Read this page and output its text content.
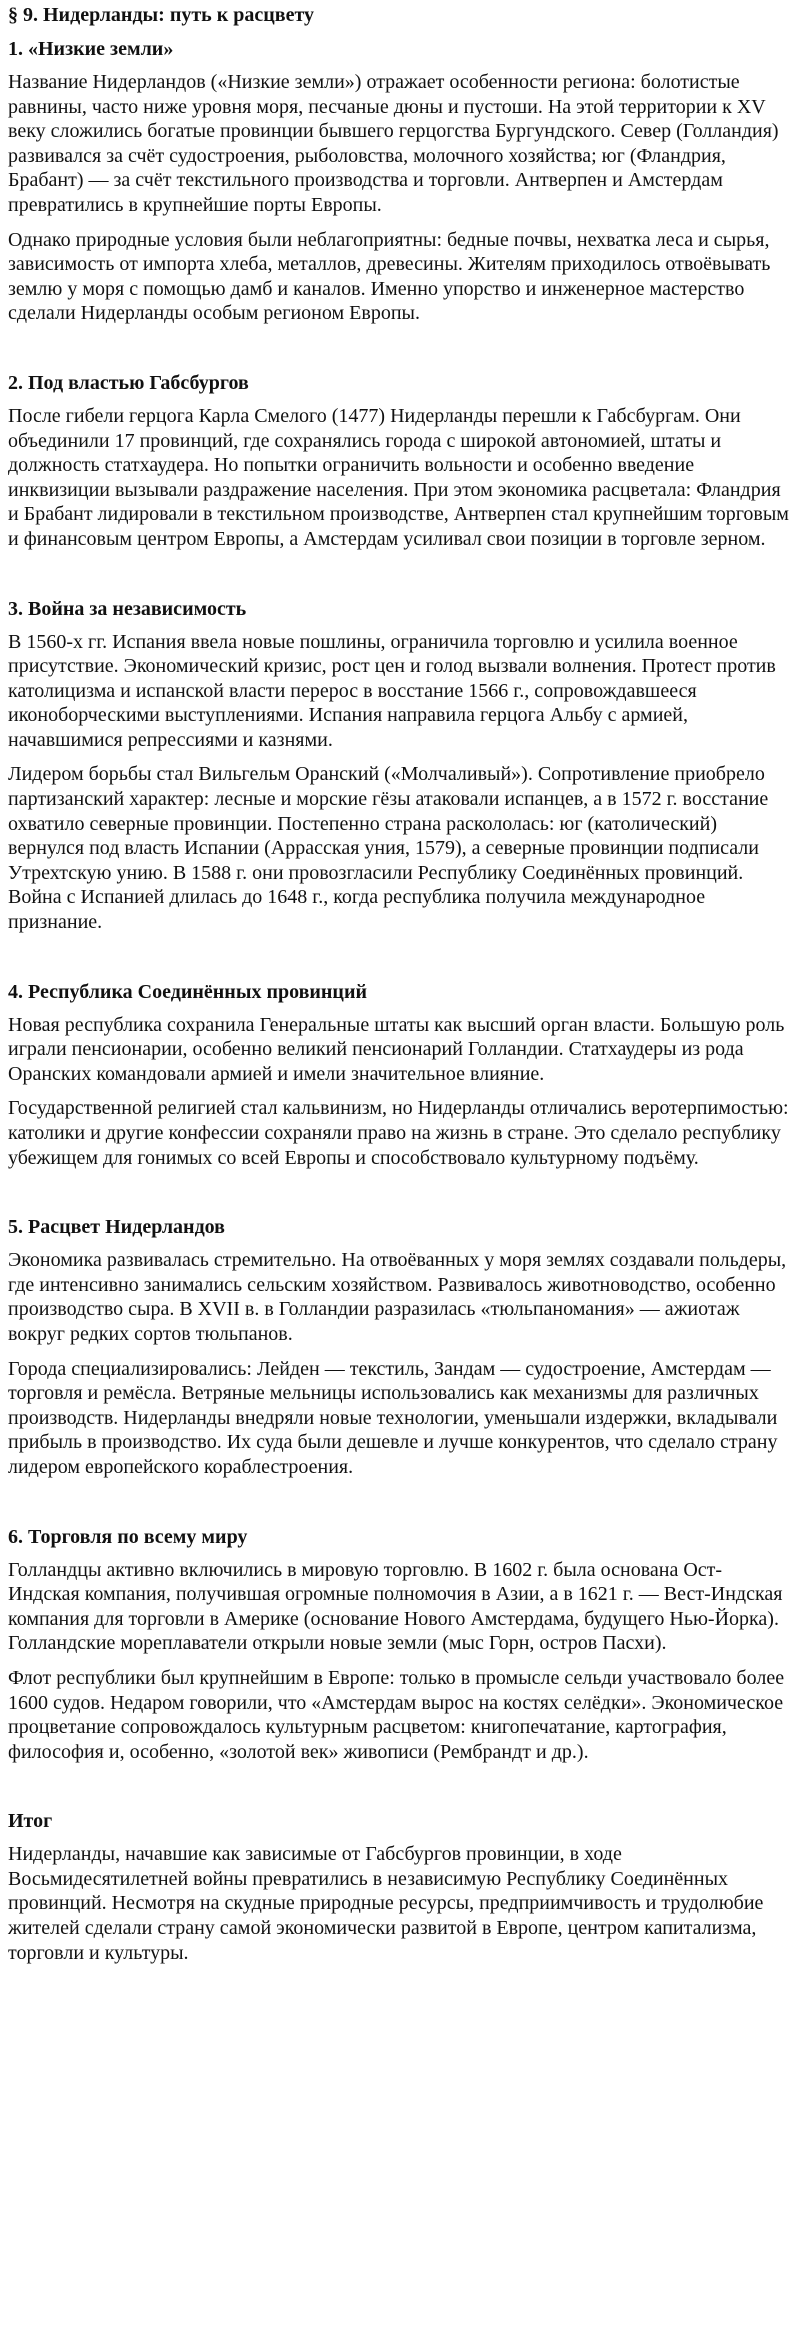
§ 9. Нидерланды: путь к расцвету
1. «Низкие земли»

Название Нидерландов («Низкие земли») отражает особенности региона: болотистые равнины, часто ниже уровня моря, песчаные дюны и пустоши. На этой территории к XV веку сложились богатые провинции бывшего герцогства Бургундского. Север (Голландия) развивался за счёт судостроения, рыболовства, молочного хозяйства; юг (Фландрия, Брабант) — за счёт текстильного производства и торговли. Антверпен и Амстердам превратились в крупнейшие порты Европы.

Однако природные условия были неблагоприятны: бедные почвы, нехватка леса и сырья, зависимость от импорта хлеба, металлов, древесины. Жителям приходилось отвоёвывать землю у моря с помощью дамб и каналов. Именно упорство и инженерное мастерство сделали Нидерланды особым регионом Европы.

2. Под властью Габсбургов

После гибели герцога Карла Смелого (1477) Нидерланды перешли к Габсбургам. Они объединили 17 провинций, где сохранялись города с широкой автономией, штаты и должность статхаудера. Но попытки ограничить вольности и особенно введение инквизиции вызывали раздражение населения. При этом экономика расцветала: Фландрия и Брабант лидировали в текстильном производстве, Антверпен стал крупнейшим торговым и финансовым центром Европы, а Амстердам усиливал свои позиции в торговле зерном.

3. Война за независимость

В 1560-х гг. Испания ввела новые пошлины, ограничила торговлю и усилила военное присутствие. Экономический кризис, рост цен и голод вызвали волнения. Протест против католицизма и испанской власти перерос в восстание 1566 г., сопровождавшееся иконоборческими выступлениями. Испания направила герцога Альбу с армией, начавшимися репрессиями и казнями.

Лидером борьбы стал Вильгельм Оранский («Молчаливый»). Сопротивление приобрело партизанский характер: лесные и морские гёзы атаковали испанцев, а в 1572 г. восстание охватило северные провинции. Постепенно страна раскололась: юг (католический) вернулся под власть Испании (Аррасская уния, 1579), а северные провинции подписали Утрехтскую унию. В 1588 г. они провозгласили Республику Соединённых провинций. Война с Испанией длилась до 1648 г., когда республика получила международное признание.

4. Республика Соединённых провинций

Новая республика сохранила Генеральные штаты как высший орган власти. Большую роль играли пенсионарии, особенно великий пенсионарий Голландии. Статхаудеры из рода Оранских командовали армией и имели значительное влияние.

Государственной религией стал кальвинизм, но Нидерланды отличались веротерпимостью: католики и другие конфессии сохраняли право на жизнь в стране. Это сделало республику убежищем для гонимых со всей Европы и способствовало культурному подъёму.

5. Расцвет Нидерландов

Экономика развивалась стремительно. На отвоёванных у моря землях создавали польдеры, где интенсивно занимались сельским хозяйством. Развивалось животноводство, особенно производство сыра. В XVII в. в Голландии разразилась «тюльпаномания» — ажиотаж вокруг редких сортов тюльпанов.

Города специализировались: Лейден — текстиль, Зандам — судостроение, Амстердам — торговля и ремёсла. Ветряные мельницы использовались как механизмы для различных производств. Нидерланды внедряли новые технологии, уменьшали издержки, вкладывали прибыль в производство. Их суда были дешевле и лучше конкурентов, что сделало страну лидером европейского кораблестроения.

6. Торговля по всему миру

Голландцы активно включились в мировую торговлю. В 1602 г. была основана Ост-Индская компания, получившая огромные полномочия в Азии, а в 1621 г. — Вест-Индская компания для торговли в Америке (основание Нового Амстердама, будущего Нью-Йорка). Голландские мореплаватели открыли новые земли (мыс Горн, остров Пасхи).

Флот республики был крупнейшим в Европе: только в промысле сельди участвовало более 1600 судов. Недаром говорили, что «Амстердам вырос на костях селёдки». Экономическое процветание сопровождалось культурным расцветом: книгопечатание, картография, философия и, особенно, «золотой век» живописи (Рембрандт и др.).

Итог

Нидерланды, начавшие как зависимые от Габсбургов провинции, в ходе Восьмидесятилетней войны превратились в независимую Республику Соединённых провинций. Несмотря на скудные природные ресурсы, предприимчивость и трудолюбие жителей сделали страну самой экономически развитой в Европе, центром капитализма, торговли и культуры.
